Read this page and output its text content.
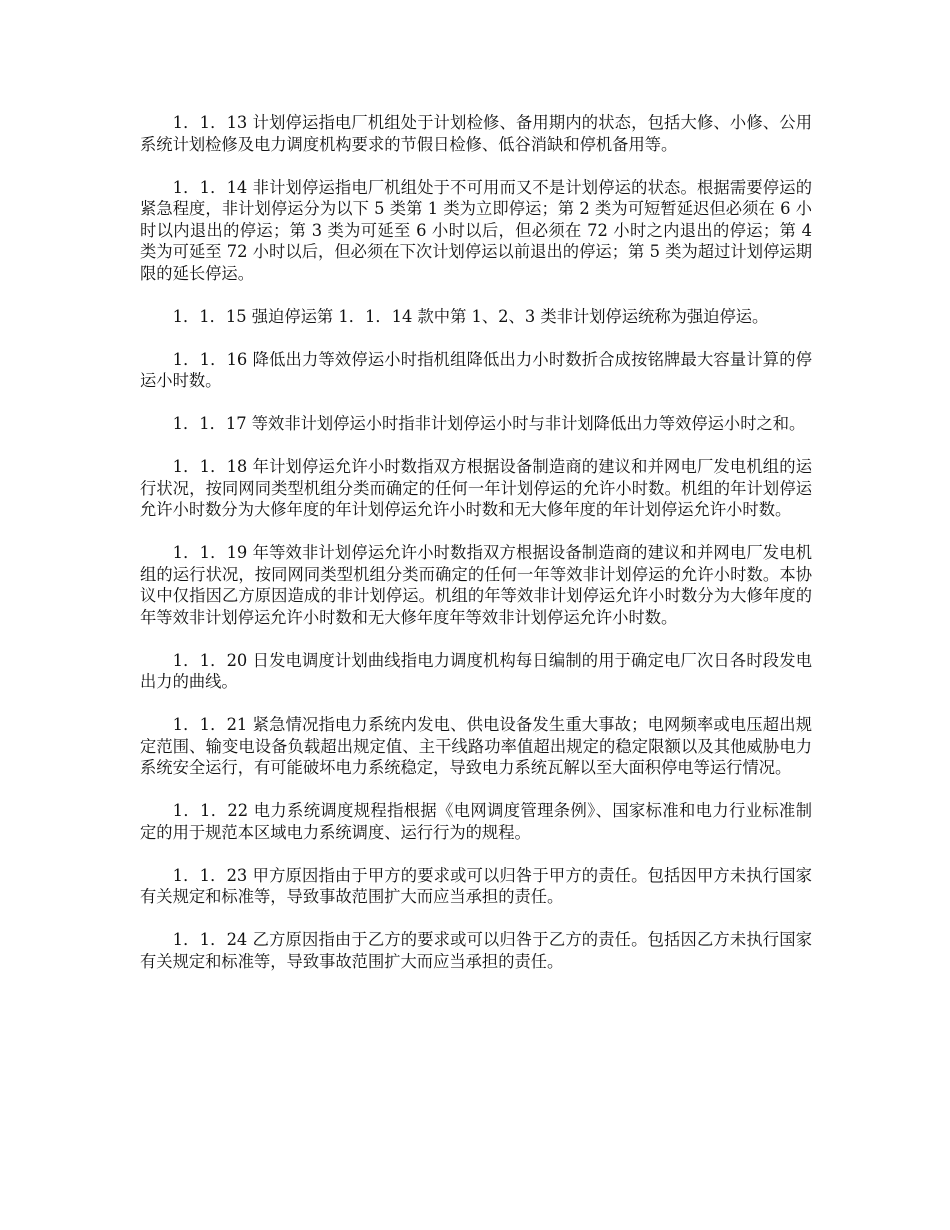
1．1．13 计划停运指电厂机组处于计划检修、备用期内的状态，包括大修、小修、公用系统计划检修及电力调度机构要求的节假日检修、低谷消缺和停机备用等。

1．1．14 非计划停运指电厂机组处于不可用而又不是计划停运的状态。根据需要停运的紧急程度，非计划停运分为以下 5 类第 1 类为立即停运；第 2 类为可短暂延迟但必须在 6 小时以内退出的停运；第 3 类为可延至 6 小时以后，但必须在 72 小时之内退出的停运；第 4 类为可延至 72 小时以后，但必须在下次计划停运以前退出的停运；第 5 类为超过计划停运期限的延长停运。

1．1．15 强迫停运第 1．1．14 款中第 1、2、3 类非计划停运统称为强迫停运。

1．1．16 降低出力等效停运小时指机组降低出力小时数折合成按铭牌最大容量计算的停运小时数。

1．1．17 等效非计划停运小时指非计划停运小时与非计划降低出力等效停运小时之和。

1．1．18 年计划停运允许小时数指双方根据设备制造商的建议和并网电厂发电机组的运行状况，按同网同类型机组分类而确定的任何一年计划停运的允许小时数。机组的年计划停运允许小时数分为大修年度的年计划停运允许小时数和无大修年度的年计划停运允许小时数。

1．1．19 年等效非计划停运允许小时数指双方根据设备制造商的建议和并网电厂发电机组的运行状况，按同网同类型机组分类而确定的任何一年等效非计划停运的允许小时数。本协议中仅指因乙方原因造成的非计划停运。机组的年等效非计划停运允许小时数分为大修年度的年等效非计划停运允许小时数和无大修年度年等效非计划停运允许小时数。

1．1．20 日发电调度计划曲线指电力调度机构每日编制的用于确定电厂次日各时段发电出力的曲线。

1．1．21 紧急情况指电力系统内发电、供电设备发生重大事故；电网频率或电压超出规定范围、输变电设备负载超出规定值、主干线路功率值超出规定的稳定限额以及其他威胁电力系统安全运行，有可能破坏电力系统稳定，导致电力系统瓦解以至大面积停电等运行情况。

1．1．22 电力系统调度规程指根据《电网调度管理条例》、国家标准和电力行业标准制定的用于规范本区域电力系统调度、运行行为的规程。

1．1．23 甲方原因指由于甲方的要求或可以归咎于甲方的责任。包括因甲方未执行国家有关规定和标准等，导致事故范围扩大而应当承担的责任。

1．1．24 乙方原因指由于乙方的要求或可以归咎于乙方的责任。包括因乙方未执行国家有关规定和标准等，导致事故范围扩大而应当承担的责任。
